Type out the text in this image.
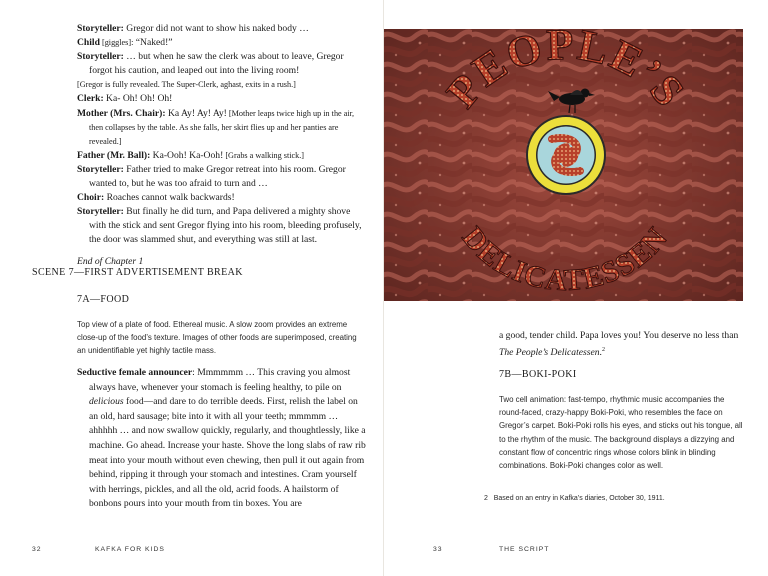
Storyteller: Gregor did not want to show his naked body …

Child [giggles]: “Naked!”

Storyteller: … but when he saw the clerk was about to leave, Gregor forgot his caution, and leaped out into the living room!

[Gregor is fully revealed. The Super-Clerk, aghast, exits in a rush.]

Clerk: Ka- Oh! Oh! Oh!

Mother (Mrs. Chair): Ka Ay! Ay! Ay! [Mother leaps twice high up in the air, then collapses by the table. As she falls, her skirt flies up and her panties are revealed.]

Father (Mr. Ball): Ka-Ooh! Ka-Ooh! [Grabs a walking stick.]

Storyteller: Father tried to make Gregor retreat into his room. Gregor wanted to, but he was too afraid to turn and …

Choir: Roaches cannot walk backwards!

Storyteller: But finally he did turn, and Papa delivered a mighty shove with the stick and sent Gregor flying into his room, bleeding profusely, the door was slammed shut, and everything was still at last.

End of Chapter 1

SCENE 7—FIRST ADVERTISEMENT BREAK
7A—FOOD
Top view of a plate of food. Ethereal music. A slow zoom provides an extreme close-up of the food’s texture. Images of other foods are superimposed, creating an unidentifiable yet highly tactile mass.

Seductive female announcer: Mmmmmm … This craving you almost always have, whenever your stomach is feeling healthy, to pile on delicious food—and dare to do terrible deeds. First, relish the label on an old, hard sausage; bite into it with all your teeth; mmmmm … ahhhhh … and now swallow quickly, regularly, and thoughtlessly, like a machine. Go ahead. Increase your haste. Shove the long slabs of raw rib meat into your mouth without even chewing, then pull it out again from behind, ripping it through your stomach and intestines. Cram yourself with herrings, pickles, and all the old, acrid foods. A hailstorm of bonbons pours into your mouth from tin boxes. You are

32	KAFKA FOR KIDS
PEOPLE’S
DELICATESSEN

a good, tender child. Papa loves you! You deserve no less than The People’s Delicatessen.$^2$

7B—BOKI-POKI
Two cell animation: fast-tempo, rhythmic music accompanies the round-faced, crazy-happy Boki-Poki, who resembles the face on Gregor’s carpet. Boki-Poki rolls his eyes, and sticks out his tongue, all to the rhythm of the music. The background displays a dizzying and constant flow of concentric rings whose colors blink in blinding combinations. Boki-Poki changes color as well.
2 Based on an entry in Kafka’s diaries, October 30, 1911.
33	THE SCRIPT
